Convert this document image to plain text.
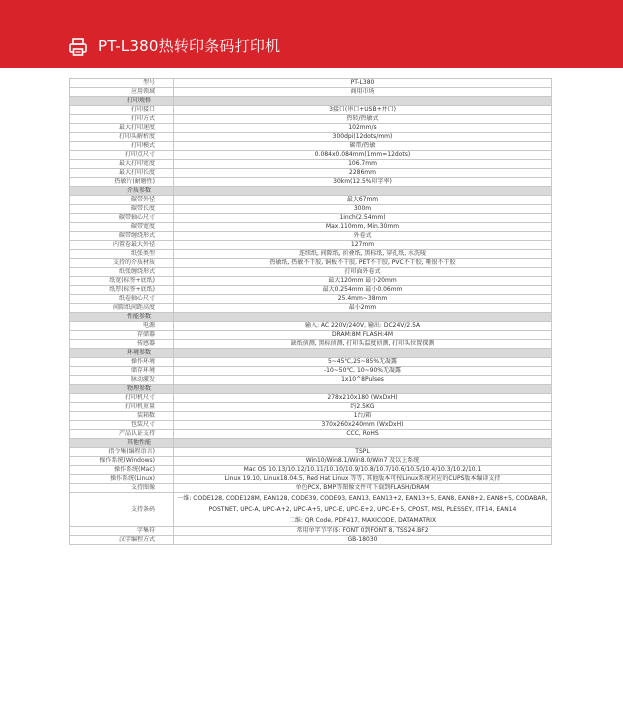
PT-L380热转印条码打印机
型号	PT-L380
应用领域	商用市场
打印规格	
打印接口	3接口(串口+USB+并口)
打印方式	热转/热敏式
最大打印速度	102mm/s
打印头解析度	300dpi(12dots/mm)
打印模式	碳带/热敏
打印点尺寸	0.084x0.084mm(1mm=12dots)
最大打印宽度	106.7mm
最大打印长度	2286mm
热敏片(耐磨性)	30km(12.5%印字率)
介质参数	
碳带外径	最大67mm
碳带长度	300m
碳带轴心尺寸	1inch(2.54mm)
碳带宽度	Max.110mm, Min.30mm
碳带缠绕形式	外卷式
内置卷最大外径	127mm
纸张类型	连续纸, 间隙纸, 折叠纸, 黑标纸, 穿孔纸, 水洗唛
支持的介质材质	热敏纸, 热敏不干胶, 铜板不干胶, PET不干胶, PVC不干胶, 哑银不干胶
纸张缠绕形式	打印面外卷式
纸宽(标签+底纸)	最大120mm 最小20mm
纸厚(标签+底纸)	最大0.254mm 最小0.06mm
纸卷轴心尺寸	25.4mm~38mm
间隙纸间距高度	最小2mm
性能参数	
电源	输入: AC 220V/240V, 输出: DC24V/2.5A
存储器	DRAM:8M FLASH:4M
传感器	缺纸侦测, 黑标侦测, 打印头温度侦测, 打印头位置探测
环境参数	
操作环境	5~45℃,25~85%无凝露
储存环境	-10~50℃, 10~90%无凝露
脉动激发	1x10^8Pulses
物理参数	
打印机尺寸	278x210x180 (WxDxH)
打印机重量	约2.5KG
装箱数	1台/箱
包装尺寸	370x260x240mm (WxDxH)
产品认证支持	CCC, RoHS
其他性能	
指令集(编程语言)	TSPL
操作系统(Windows)	Win10/Win8.1/Win8.0/Win7 及以上系统
操作系统(Mac)	Mac OS 10.13/10.12/10.11/10.10/10.9/10.8/10.7/10.6/10.5/10.4/10.3/10.2/10.1
操作系统(Linux)	Linux 19.10, Linux18.04.5, Red Hat Linux 等等, 其他版本可按Linux系统对应的CUPS版本编译支持
支持图像	单色PCX, BMP等图像文件可下载到FLASH/DRAM
支持条码	一维: CODE128, CODE128M, EAN128, CODE39, CODE93, EAN13, EAN13+2, EAN13+5, EAN8, EAN8+2, EAN8+5, CODABAR,
POSTNET, UPC-A, UPC-A+2, UPC-A+5, UPC-E, UPC-E+2, UPC-E+5, CPOST, MSI, PLESSEY, ITF14, EAN14
二维: QR Code, PDF417, MAXICODE, DATAMATRIX

字集符	常用单字节字体: FONT 0到FONT 8, TSS24.BF2
汉字编程方式	GB-18030
